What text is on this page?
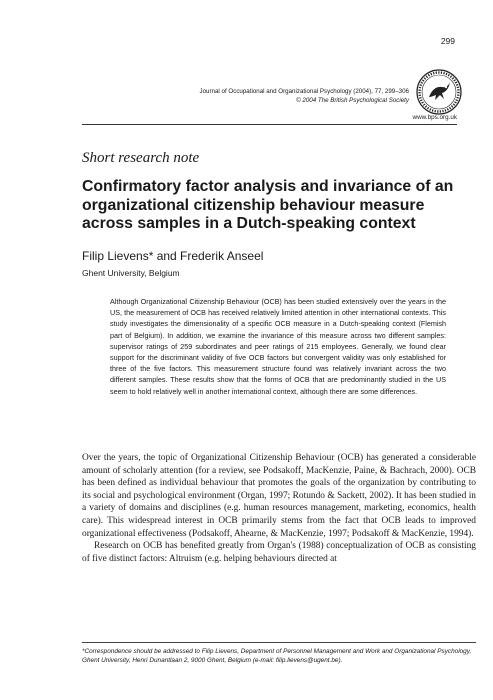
299
Journal of Occupational and Organizational Psychology (2004), 77, 299–306
© 2004 The British Psychological Society
www.bps.org.uk
Short research note
Confirmatory factor analysis and invariance of an organizational citizenship behaviour measure across samples in a Dutch-speaking context
Filip Lievens* and Frederik Anseel
Ghent University, Belgium
Although Organizational Citizenship Behaviour (OCB) has been studied extensively over the years in the US, the measurement of OCB has received relatively limited attention in other international contexts. This study investigates the dimensionality of a specific OCB measure in a Dutch-speaking context (Flemish part of Belgium). In addition, we examine the invariance of this measure across two different samples: supervisor ratings of 259 subordinates and peer ratings of 215 employees. Generally, we found clear support for the discriminant validity of five OCB factors but convergent validity was only established for three of the five factors. This measurement structure found was relatively invariant across the two different samples. These results show that the forms of OCB that are predominantly studied in the US seem to hold relatively well in another international context, although there are some differences.

Over the years, the topic of Organizational Citizenship Behaviour (OCB) has generated a considerable amount of scholarly attention (for a review, see Podsakoff, MacKenzie, Paine, & Bachrach, 2000). OCB has been defined as individual behaviour that promotes the goals of the organization by contributing to its social and psychological environment (Organ, 1997; Rotundo & Sackett, 2002). It has been studied in a variety of domains and disciplines (e.g. human resources management, marketing, economics, health care). This widespread interest in OCB primarily stems from the fact that OCB leads to improved organizational effectiveness (Podsakoff, Ahearne, & MacKenzie, 1997; Podsakoff & MacKenzie, 1994).

Research on OCB has benefited greatly from Organ's (1988) conceptualization of OCB as consisting of five distinct factors: Altruism (e.g. helping behaviours directed at

*Correspondence should be addressed to Filip Lievens, Department of Personnel Management and Work and Organizational Psychology, Ghent University, Henri Dunantlaan 2, 9000 Ghent, Belgium (e-mail: filip.lievens@ugent.be).
